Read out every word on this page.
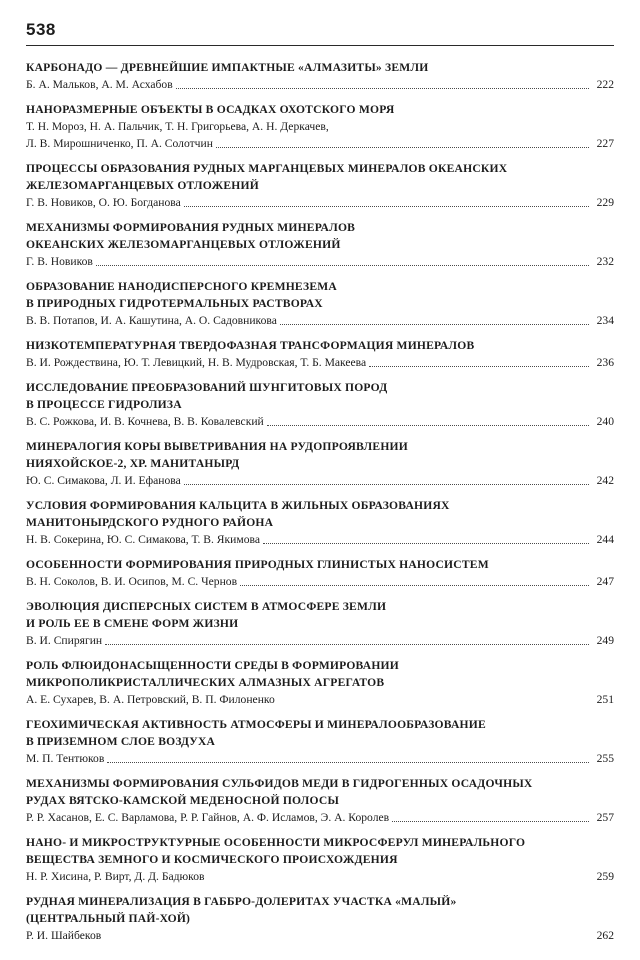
538
КАРБОНАДО — ДРЕВНЕЙШИЕ ИМПАКТНЫЕ «АЛМАЗИТЫ» ЗЕМЛИ
Б. А. Мальков, А. М. Асхабов	222
НАНОРАЗМЕРНЫЕ ОБЪЕКТЫ В ОСАДКАХ ОХОТСКОГО МОРЯ
Т. Н. Мороз, Н. А. Пальчик, Т. Н. Григорьева, А. Н. Деркачев,
Л. В. Мирошниченко, П. А. Солотчин	227
ПРОЦЕССЫ ОБРАЗОВАНИЯ РУДНЫХ МАРГАНЦЕВЫХ МИНЕРАЛОВ ОКЕАНСКИХ
ЖЕЛЕЗОМАРГАНЦЕВЫХ ОТЛОЖЕНИЙ
Г. В. Новиков, О. Ю. Богданова	229
МЕХАНИЗМЫ ФОРМИРОВАНИЯ РУДНЫХ МИНЕРАЛОВ
ОКЕАНСКИХ ЖЕЛЕЗОМАРГАНЦЕВЫХ ОТЛОЖЕНИЙ
Г. В. Новиков	232
ОБРАЗОВАНИЕ НАНОДИСПЕРСНОГО КРЕМНЕЗЕМА
В ПРИРОДНЫХ ГИДРОТЕРМАЛЬНЫХ РАСТВОРАХ
В. В. Потапов, И. А. Кашутина, А. О. Садовникова	234
НИЗКОТЕМПЕРАТУРНАЯ ТВЕРДОФАЗНАЯ ТРАНСФОРМАЦИЯ МИНЕРАЛОВ
В. И. Рождествина, Ю. Т. Левицкий, Н. В. Мудровская, Т. Б. Макеева	236
ИССЛЕДОВАНИЕ ПРЕОБРАЗОВАНИЙ ШУНГИТОВЫХ ПОРОД
В ПРОЦЕССЕ ГИДРОЛИЗА
В. С. Рожкова, И. В. Кочнева, В. В. Ковалевский	240
МИНЕРАЛОГИЯ КОРЫ ВЫВЕТРИВАНИЯ НА РУДОПРОЯВЛЕНИИ
НИЯХОЙСКОЕ-2, ХР. МАНИТАНЫРД
Ю. С. Симакова, Л. И. Ефанова	242
УСЛОВИЯ ФОРМИРОВАНИЯ КАЛЬЦИТА В ЖИЛЬНЫХ ОБРАЗОВАНИЯХ
МАНИТОНЫРДСКОГО РУДНОГО РАЙОНА
Н. В. Сокерина, Ю. С. Симакова, Т. В. Якимова	244
ОСОБЕННОСТИ ФОРМИРОВАНИЯ ПРИРОДНЫХ ГЛИНИСТЫХ НАНОСИСТЕМ
В. Н. Соколов, В. И. Осипов, М. С. Чернов	247
ЭВОЛЮЦИЯ ДИСПЕРСНЫХ СИСТЕМ В АТМОСФЕРЕ ЗЕМЛИ
И РОЛЬ ЕЕ В СМЕНЕ ФОРМ ЖИЗНИ
В. И. Спирягин	249
РОЛЬ ФЛЮИДОНАСЫЩЕННОСТИ СРЕДЫ В ФОРМИРОВАНИИ
МИКРОПОЛИКРИСТАЛЛИЧЕСКИХ АЛМАЗНЫХ АГРЕГАТОВ
А. Е. Сухарев, В. А. Петровский, В. П. Филоненко	251
ГЕОХИМИЧЕСКАЯ АКТИВНОСТЬ АТМОСФЕРЫ И МИНЕРАЛООБРАЗОВАНИЕ
В ПРИЗЕМНОМ СЛОЕ ВОЗДУХА
М. П. Тентюков	255
МЕХАНИЗМЫ ФОРМИРОВАНИЯ СУЛЬФИДОВ МЕДИ В ГИДРОГЕННЫХ ОСАДОЧНЫХ
РУДАХ ВЯТСКО-КАМСКОЙ МЕДЕНОСНОЙ ПОЛОСЫ
Р. Р. Хасанов, Е. С. Варламова, Р. Р. Гайнов, А. Ф. Исламов, Э. А. Королев	257
НАНО- И МИКРОСТРУКТУРНЫЕ ОСОБЕННОСТИ МИКРОСФЕРУЛ МИНЕРАЛЬНОГО
ВЕЩЕСТВА ЗЕМНОГО И КОСМИЧЕСКОГО ПРОИСХОЖДЕНИЯ
Н. Р. Хисина, Р. Вирт, Д. Д. Бадюков	259
РУДНАЯ МИНЕРАЛИЗАЦИЯ В ГАББРО-ДОЛЕРИТАХ УЧАСТКА «МАЛЫЙ»
(ЦЕНТРАЛЬНЫЙ ПАЙ-ХОЙ)
Р. И. Шайбеков	262
